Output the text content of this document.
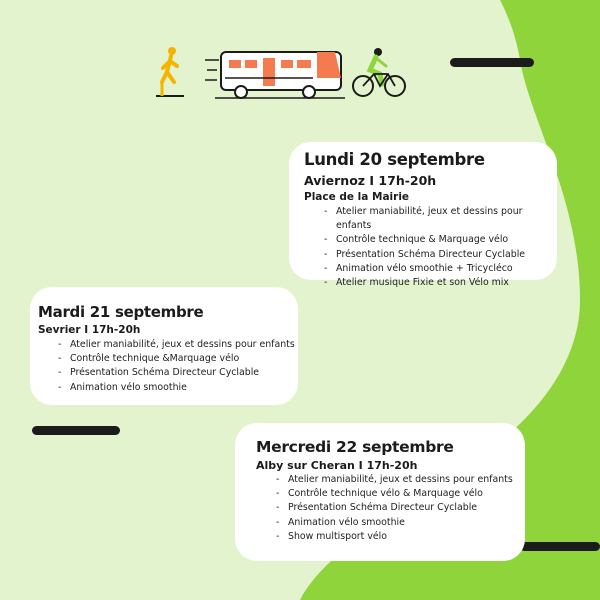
Lundi 20 septembre

Aviernoz I 17h-20h

Place de la Mairie

- Atelier maniabilité, jeux et dessins pour enfants
- Contrôle technique & Marquage vélo
- Présentation Schéma Directeur Cyclable
- Animation vélo smoothie + Tricycléco
- Atelier musique Fixie et son Vélo mix
Mardi 21 septembre

Sevrier I 17h-20h

- Atelier maniabilité, jeux et dessins pour enfants
- Contrôle technique &Marquage vélo
- Présentation Schéma Directeur Cyclable
- Animation vélo smoothie
Mercredi 22 septembre

Alby sur Cheran I 17h-20h

- Atelier maniabilité, jeux et dessins pour enfants
- Contrôle technique vélo & Marquage vélo
- Présentation Schéma Directeur Cyclable
- Animation vélo smoothie
- Show multisport vélo
